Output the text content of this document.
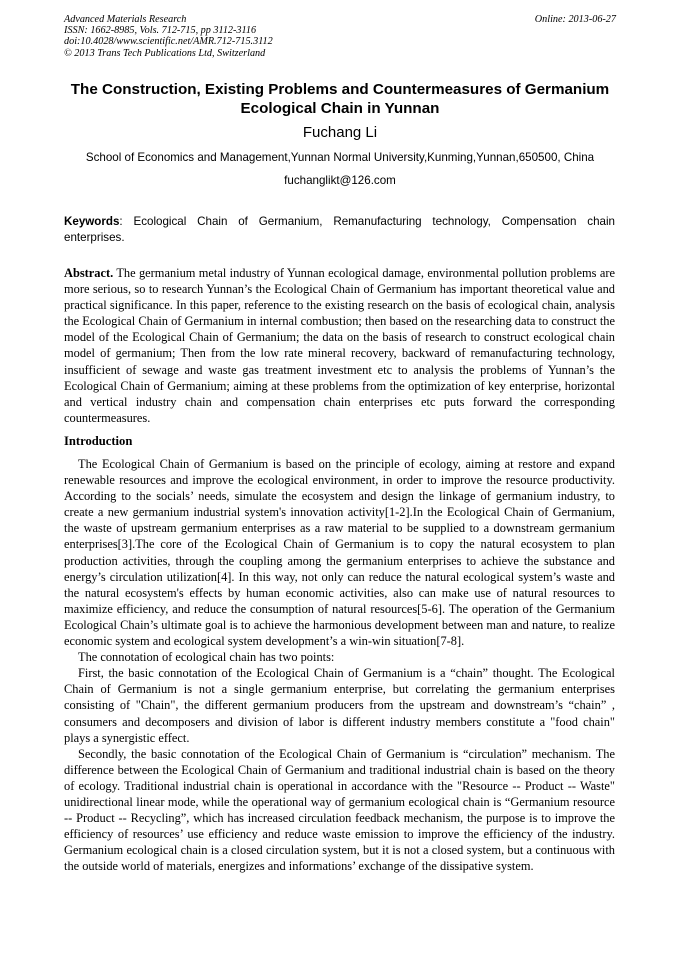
Advanced Materials Research
ISSN: 1662-8985, Vols. 712-715, pp 3112-3116
doi:10.4028/www.scientific.net/AMR.712-715.3112
© 2013 Trans Tech Publications Ltd, Switzerland
Online: 2013-06-27
The Construction, Existing Problems and Countermeasures of Germanium Ecological Chain in Yunnan
Fuchang Li
School of Economics and Management,Yunnan Normal University,Kunming,Yunnan,650500, China
fuchanglikt@126.com
Keywords: Ecological Chain of Germanium, Remanufacturing technology, Compensation chain enterprises.
Abstract. The germanium metal industry of Yunnan ecological damage, environmental pollution problems are more serious, so to research Yunnan’s the Ecological Chain of Germanium has important theoretical value and practical significance. In this paper, reference to the existing research on the basis of ecological chain, analysis the Ecological Chain of Germanium in internal combustion; then based on the researching data to construct the model of the Ecological Chain of Germanium; the data on the basis of research to construct ecological chain model of germanium; Then from the low rate mineral recovery, backward of remanufacturing technology, insufficient of sewage and waste gas treatment investment etc to analysis the problems of Yunnan’s the Ecological Chain of Germanium; aiming at these problems from the optimization of key enterprise, horizontal and vertical industry chain and compensation chain enterprises etc puts forward the corresponding countermeasures.
Introduction

The Ecological Chain of Germanium is based on the principle of ecology, aiming at restore and expand renewable resources and improve the ecological environment, in order to improve the resource productivity. According to the socials’ needs, simulate the ecosystem and design the linkage of germanium industry, to create a new germanium industrial system's innovation activity[1-2].In the Ecological Chain of Germanium, the waste of upstream germanium enterprises as a raw material to be supplied to a downstream germanium enterprises[3].The core of the Ecological Chain of Germanium is to copy the natural ecosystem to plan production activities, through the coupling among the germanium enterprises to achieve the substance and energy’s circulation utilization[4]. In this way, not only can reduce the natural ecological system’s waste and the natural ecosystem's effects by human economic activities, also can make use of natural resources to maximize efficiency, and reduce the consumption of natural resources[5-6]. The operation of the Germanium Ecological Chain’s ultimate goal is to achieve the harmonious development between man and nature, to realize economic system and ecological system development’s a win-win situation[7-8].

The connotation of ecological chain has two points:

First, the basic connotation of the Ecological Chain of Germanium is a “chain” thought. The Ecological Chain of Germanium is not a single germanium enterprise, but correlating the germanium enterprises consisting of "Chain", the different germanium producers from the upstream and downstream’s “chain” , consumers and decomposers and division of labor is different industry members constitute a "food chain" plays a synergistic effect.

Secondly, the basic connotation of the Ecological Chain of Germanium is “circulation” mechanism. The difference between the Ecological Chain of Germanium and traditional industrial chain is based on the theory of ecology. Traditional industrial chain is operational in accordance with the "Resource -- Product -- Waste" unidirectional linear mode, while the operational way of germanium ecological chain is “Germanium resource -- Product -- Recycling”, which has increased circulation feedback mechanism, the purpose is to improve the efficiency of resources’ use efficiency and reduce waste emission to improve the efficiency of the industry. Germanium ecological chain is a closed circulation system, but it is not a closed system, but a continuous with the outside world of materials, energizes and informations’ exchange of the dissipative system.
